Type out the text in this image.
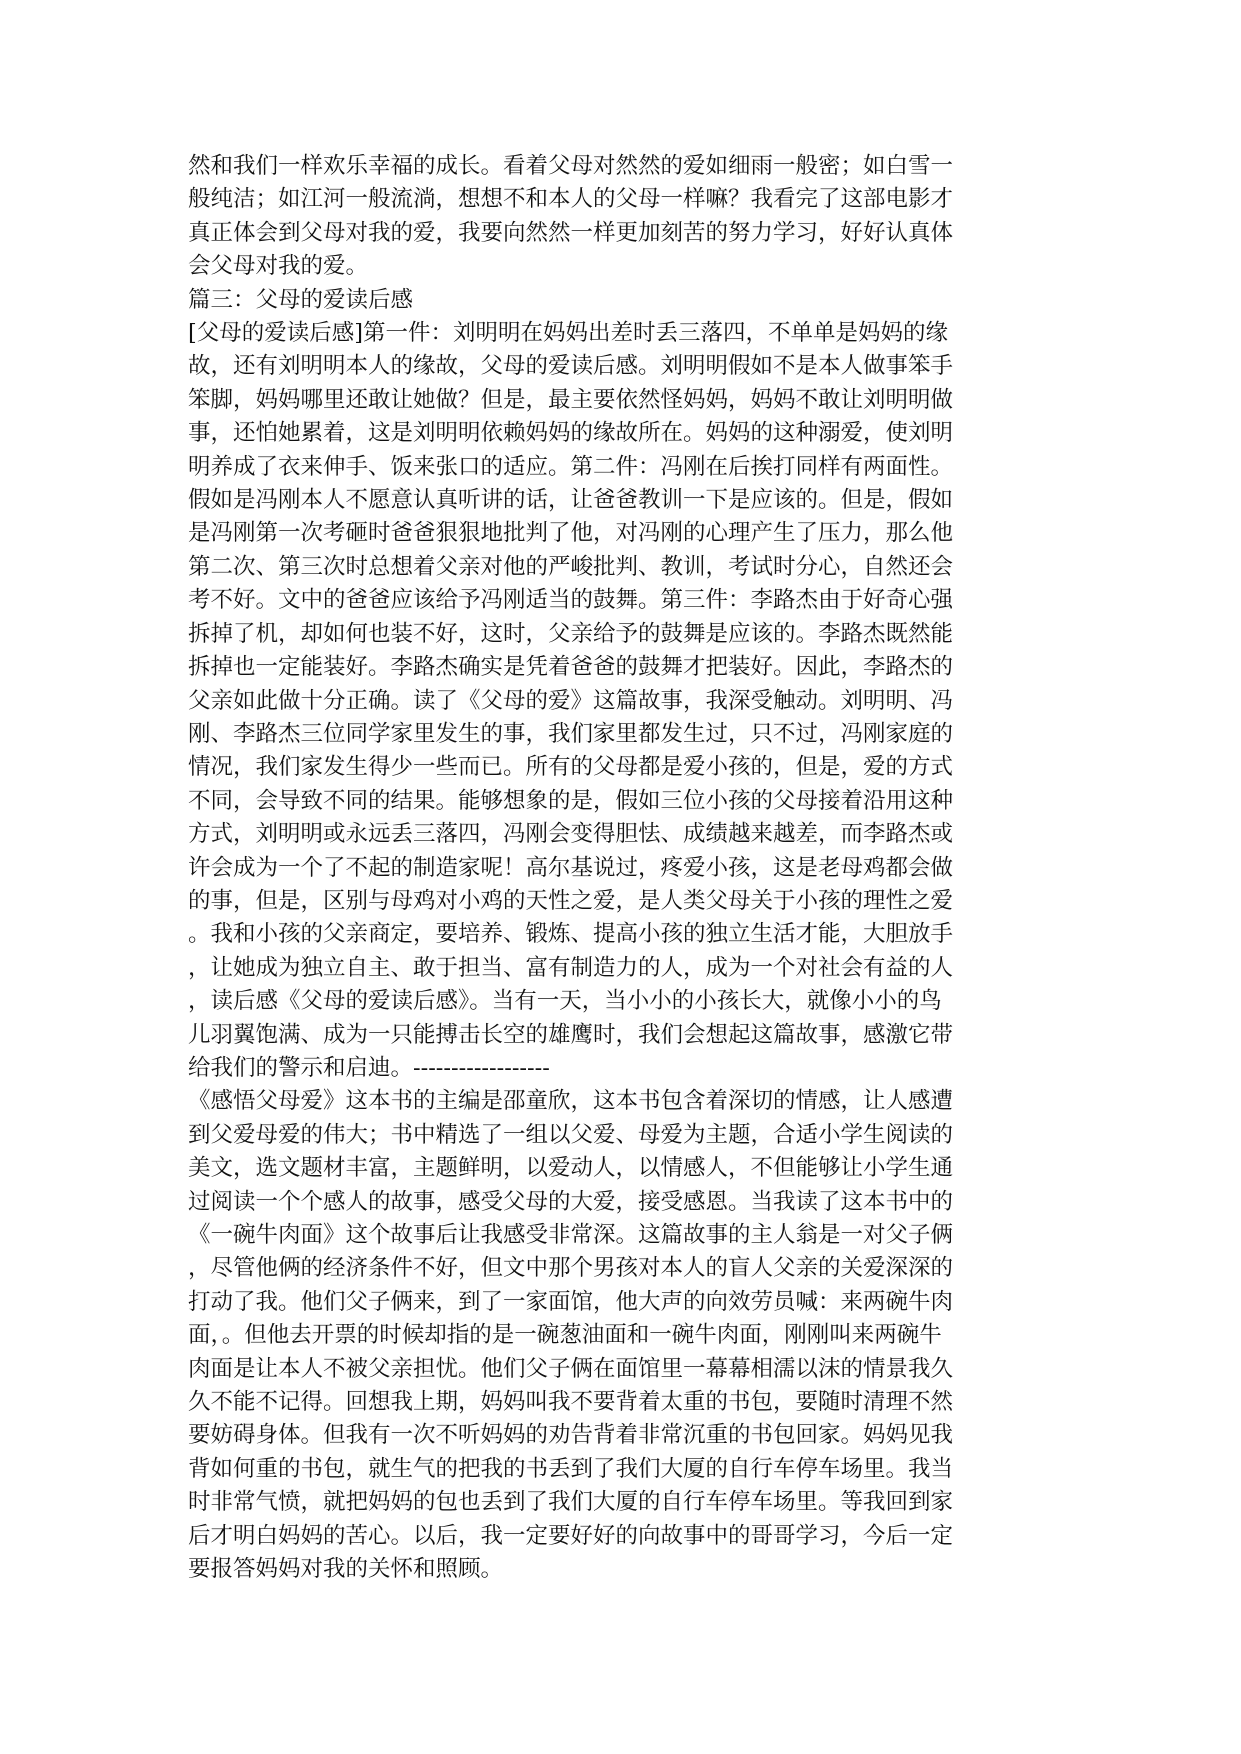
然和我们一样欢乐幸福的成长。看着父母对然然的爱如细雨一般密；如白雪一
般纯洁；如江河一般流淌，想想不和本人的父母一样嘛？我看完了这部电影才
真正体会到父母对我的爱，我要向然然一样更加刻苦的努力学习，好好认真体
会父母对我的爱。
篇三：父母的爱读后感
[父母的爱读后感]第一件：刘明明在妈妈出差时丢三落四，不单单是妈妈的缘
故，还有刘明明本人的缘故，父母的爱读后感。刘明明假如不是本人做事笨手
笨脚，妈妈哪里还敢让她做？但是，最主要依然怪妈妈，妈妈不敢让刘明明做
事，还怕她累着，这是刘明明依赖妈妈的缘故所在。妈妈的这种溺爱，使刘明
明养成了衣来伸手、饭来张口的适应。第二件：冯刚在后挨打同样有两面性。
假如是冯刚本人不愿意认真听讲的话，让爸爸教训一下是应该的。但是，假如
是冯刚第一次考砸时爸爸狠狠地批判了他，对冯刚的心理产生了压力，那么他
第二次、第三次时总想着父亲对他的严峻批判、教训，考试时分心，自然还会
考不好。文中的爸爸应该给予冯刚适当的鼓舞。第三件：李路杰由于好奇心强
拆掉了机，却如何也装不好，这时，父亲给予的鼓舞是应该的。李路杰既然能
拆掉也一定能装好。李路杰确实是凭着爸爸的鼓舞才把装好。因此，李路杰的
父亲如此做十分正确。读了《父母的爱》这篇故事，我深受触动。刘明明、冯
刚、李路杰三位同学家里发生的事，我们家里都发生过，只不过，冯刚家庭的
情况，我们家发生得少一些而已。所有的父母都是爱小孩的，但是，爱的方式
不同，会导致不同的结果。能够想象的是，假如三位小孩的父母接着沿用这种
方式，刘明明或永远丢三落四，冯刚会变得胆怯、成绩越来越差，而李路杰或
许会成为一个了不起的制造家呢！高尔基说过，疼爱小孩，这是老母鸡都会做
的事，但是，区别与母鸡对小鸡的天性之爱，是人类父母关于小孩的理性之爱
。我和小孩的父亲商定，要培养、锻炼、提高小孩的独立生活才能，大胆放手
，让她成为独立自主、敢于担当、富有制造力的人，成为一个对社会有益的人
，读后感《父母的爱读后感》。当有一天，当小小的小孩长大，就像小小的鸟
儿羽翼饱满、成为一只能搏击长空的雄鹰时，我们会想起这篇故事，感激它带
给我们的警示和启迪。------------------
《感悟父母爱》这本书的主编是邵童欣，这本书包含着深切的情感，让人感遭
到父爱母爱的伟大；书中精选了一组以父爱、母爱为主题，合适小学生阅读的
美文，选文题材丰富，主题鲜明，以爱动人，以情感人，不但能够让小学生通
过阅读一个个感人的故事，感受父母的大爱，接受感恩。当我读了这本书中的
《一碗牛肉面》这个故事后让我感受非常深。这篇故事的主人翁是一对父子俩
，尽管他俩的经济条件不好，但文中那个男孩对本人的盲人父亲的关爱深深的
打动了我。他们父子俩来，到了一家面馆，他大声的向效劳员喊：来两碗牛肉
面，。但他去开票的时候却指的是一碗葱油面和一碗牛肉面，刚刚叫来两碗牛
肉面是让本人不被父亲担忧。他们父子俩在面馆里一幕幕相濡以沫的情景我久
久不能不记得。回想我上期，妈妈叫我不要背着太重的书包，要随时清理不然
要妨碍身体。但我有一次不听妈妈的劝告背着非常沉重的书包回家。妈妈见我
背如何重的书包，就生气的把我的书丢到了我们大厦的自行车停车场里。我当
时非常气愤，就把妈妈的包也丢到了我们大厦的自行车停车场里。等我回到家
后才明白妈妈的苦心。以后，我一定要好好的向故事中的哥哥学习，今后一定
要报答妈妈对我的关怀和照顾。
